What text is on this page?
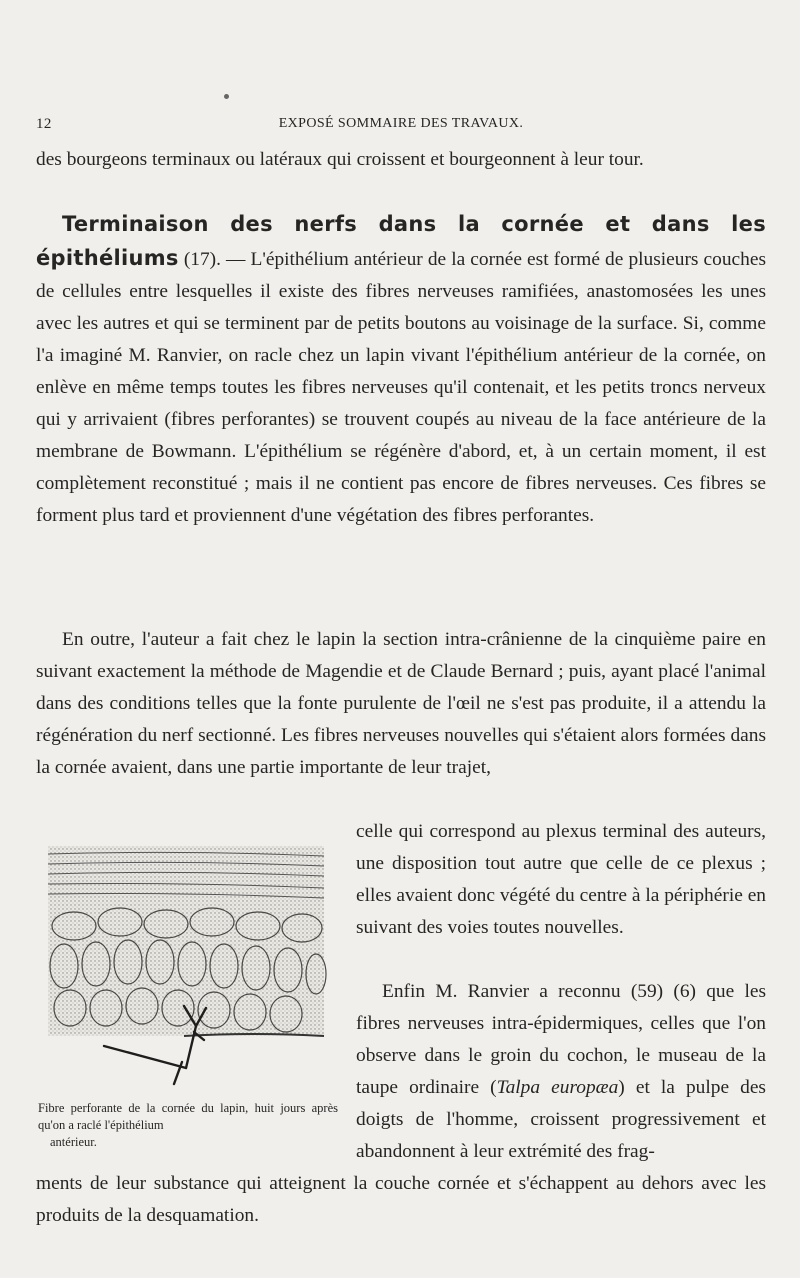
12	EXPOSÉ SOMMAIRE DES TRAVAUX.
des bourgeons terminaux ou latéraux qui croissent et bourgeonnent à leur tour.
Terminaison des nerfs dans la cornée et dans les épithéliums (17). — L'épithélium antérieur de la cornée est formé de plusieurs couches de cellules entre lesquelles il existe des fibres nerveuses ramifiées, anastomosées les unes avec les autres et qui se terminent par de petits boutons au voisinage de la surface. Si, comme l'a imaginé M. Ranvier, on racle chez un lapin vivant l'épithélium antérieur de la cornée, on enlève en même temps toutes les fibres nerveuses qu'il contenait, et les petits troncs nerveux qui y arrivaient (fibres perforantes) se trouvent coupés au niveau de la face antérieure de la membrane de Bowmann. L'épithélium se régénère d'abord, et, à un certain moment, il est complètement reconstitué ; mais il ne contient pas encore de fibres nerveuses. Ces fibres se forment plus tard et proviennent d'une végétation des fibres perforantes.
En outre, l'auteur a fait chez le lapin la section intra-crânienne de la cinquième paire en suivant exactement la méthode de Magendie et de Claude Bernard ; puis, ayant placé l'animal dans des conditions telles que la fonte purulente de l'œil ne s'est pas produite, il a attendu la régénération du nerf sectionné. Les fibres nerveuses nouvelles qui s'étaient alors formées dans la cornée avaient, dans une partie importante de leur trajet,
celle qui correspond au plexus terminal des auteurs, une disposition tout autre que celle de ce plexus ; elles avaient donc végété du centre à la périphérie en suivant des voies toutes nouvelles.
Fibre perforante de la cornée du lapin, huit jours après qu'on a raclé l'épithélium
antérieur.
Enfin M. Ranvier a reconnu (59) (6) que les fibres nerveuses intra-épidermiques, celles que l'on observe dans le groin du cochon, le museau de la taupe ordinaire (Talpa europæa) et la pulpe des doigts de l'homme, croissent progressivement et abandonnent à leur extrémité des frag-
ments de leur substance qui atteignent la couche cornée et s'échappent au dehors avec les produits de la desquamation.
